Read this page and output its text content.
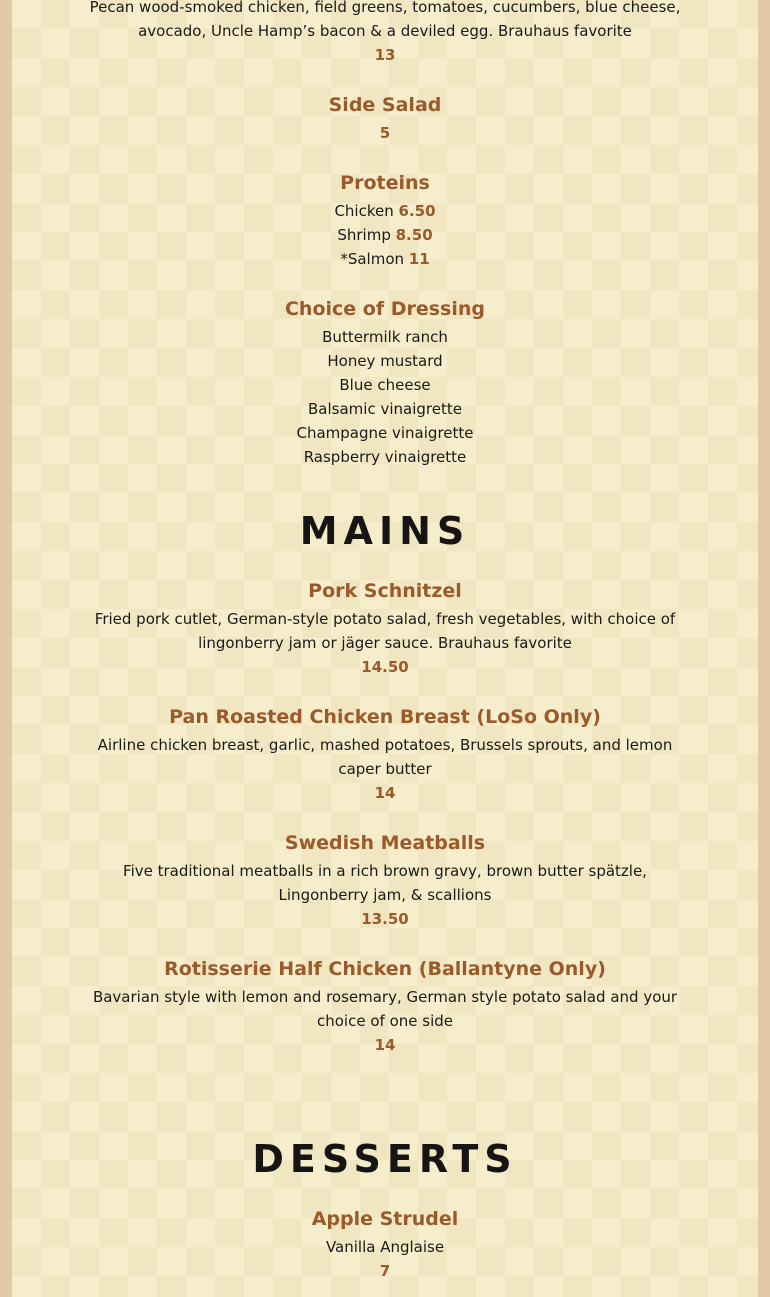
Pecan wood-smoked chicken, field greens, tomatoes, cucumbers, blue cheese,
avocado, Uncle Hamp’s bacon & a deviled egg. Brauhaus favorite
13
Side Salad
5
Proteins
Chicken 6.50
Shrimp 8.50
*Salmon 11
Choice of Dressing
Buttermilk ranch
Honey mustard
Blue cheese
Balsamic vinaigrette
Champagne vinaigrette
Raspberry vinaigrette
MAINS
Pork Schnitzel
Fried pork cutlet, German-style potato salad, fresh vegetables, with choice of
lingonberry jam or jäger sauce. Brauhaus favorite
14.50
Pan Roasted Chicken Breast (LoSo Only)
Airline chicken breast, garlic, mashed potatoes, Brussels sprouts, and lemon
caper butter
14
Swedish Meatballs
Five traditional meatballs in a rich brown gravy, brown butter spätzle,
Lingonberry jam, & scallions
13.50
Rotisserie Half Chicken (Ballantyne Only)
Bavarian style with lemon and rosemary, German style potato salad and your
choice of one side
14
DESSERTS
Apple Strudel
Vanilla Anglaise
7
